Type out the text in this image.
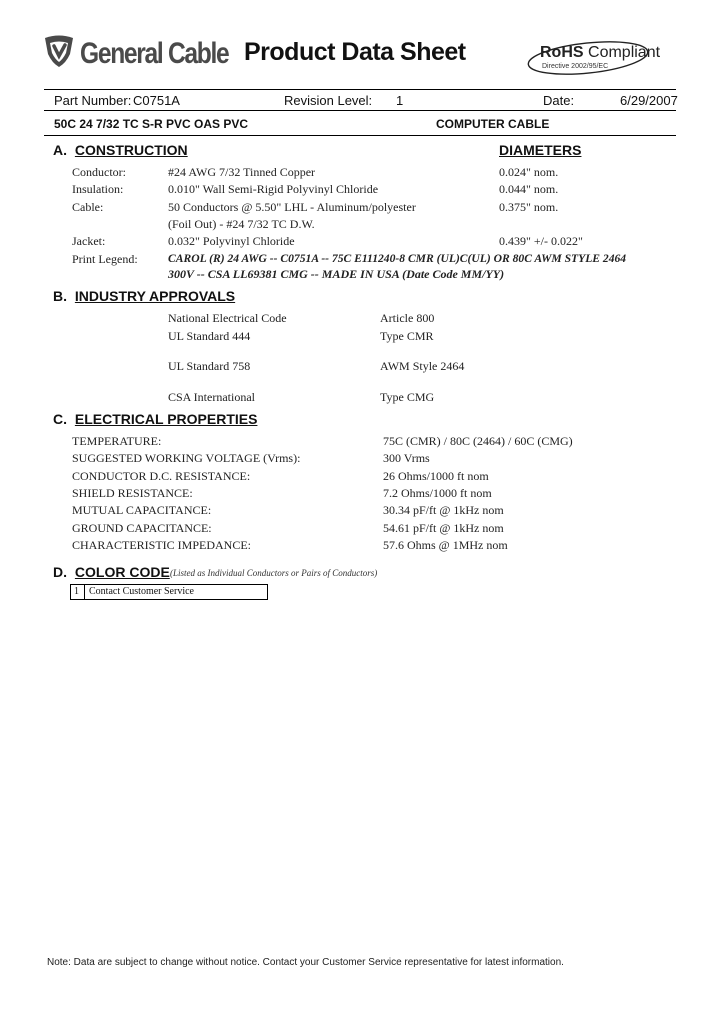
General Cable Product Data Sheet	RoHS Compliant
Directive 2002/95/EC
Part Number: C0751A	Revision Level: 1	Date:	6/29/2007
50C 24 7/32 TC S-R PVC OAS PVC	COMPUTER CABLE
A. CONSTRUCTION	DIAMETERS
Conductor:	#24 AWG 7/32 Tinned Copper	0.024" nom.
Insulation:	0.010" Wall Semi-Rigid Polyvinyl Chloride	0.044" nom.
Cable:	50 Conductors @ 5.50" LHL - Aluminum/polyester	0.375" nom.
(Foil Out) - #24 7/32 TC D.W.
Jacket:	0.032" Polyvinyl Chloride	0.439" +/- 0.022"
Print Legend:	CAROL (R) 24 AWG -- C0751A -- 75C E111240-8 CMR (UL)C(UL) OR 80C AWM STYLE 2464
300V -- CSA LL69381 CMG -- MADE IN USA (Date Code MM/YY)
B. INDUSTRY APPROVALS
National Electrical Code	Article 800
UL Standard 444	Type CMR
UL Standard 758	AWM Style 2464
CSA International	Type CMG
C. ELECTRICAL PROPERTIES
TEMPERATURE:	75C (CMR) / 80C (2464) / 60C (CMG)
SUGGESTED WORKING VOLTAGE (Vrms):	300 Vrms
CONDUCTOR D.C. RESISTANCE:	26 Ohms/1000 ft nom
SHIELD RESISTANCE:	7.2 Ohms/1000 ft nom
MUTUAL CAPACITANCE:	30.34 pF/ft @ 1kHz nom
GROUND CAPACITANCE:	54.61 pF/ft @ 1kHz nom
CHARACTERISTIC IMPEDANCE:	57.6 Ohms @ 1MHz nom
D. COLOR CODE (Listed as Individual Conductors or Pairs of Conductors)
1	Contact Customer Service
Note: Data are subject to change without notice. Contact your Customer Service representative for latest information.
